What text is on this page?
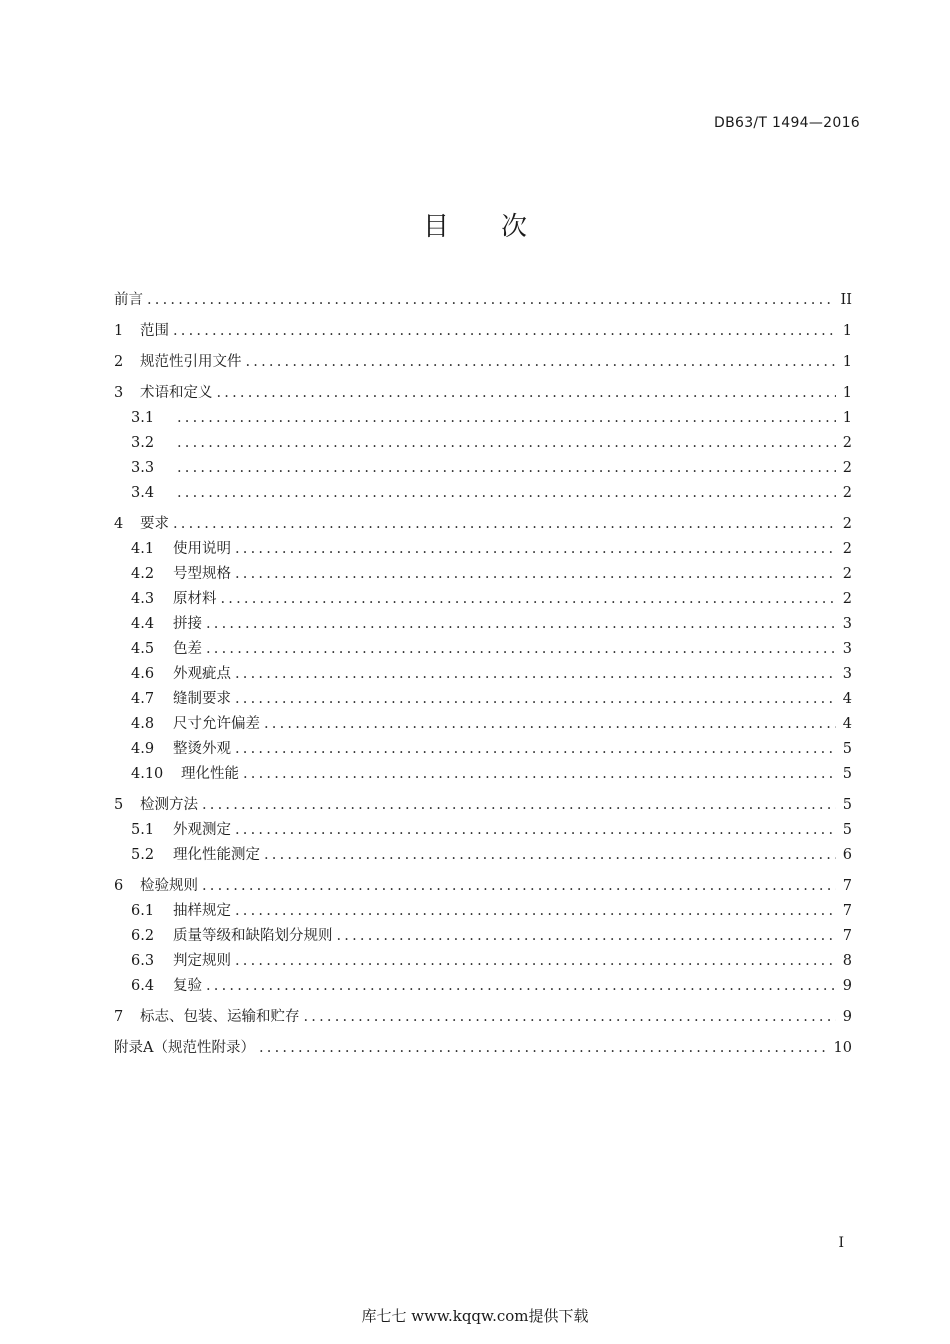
DB63/T 1494—2016
目　　次
前言 .....	II
1 范围 .....	1
2 规范性引用文件 .....	1
3 术语和定义 .....	1
3.1 .....	1
3.2 .....	2
3.3 .....	2
3.4 .....	2
4 要求 .....	2
4.1 使用说明 .....	2
4.2 号型规格 .....	2
4.3 原材料 .....	2
4.4 拼接 .....	3
4.5 色差 .....	3
4.6 外观疵点 .....	3
4.7 缝制要求 .....	4
4.8 尺寸允许偏差 .....	4
4.9 整烫外观 .....	5
4.10 理化性能 .....	5
5 检测方法 .....	5
5.1 外观测定 .....	5
5.2 理化性能测定 .....	6
6 检验规则 .....	7
6.1 抽样规定 .....	7
6.2 质量等级和缺陷划分规则 .....	7
6.3 判定规则 .....	8
6.4 复验 .....	9
7 标志、包装、运输和贮存 .....	9
附录A（规范性附录） .....	10
I
库七七 www.kqqw.com提供下载
